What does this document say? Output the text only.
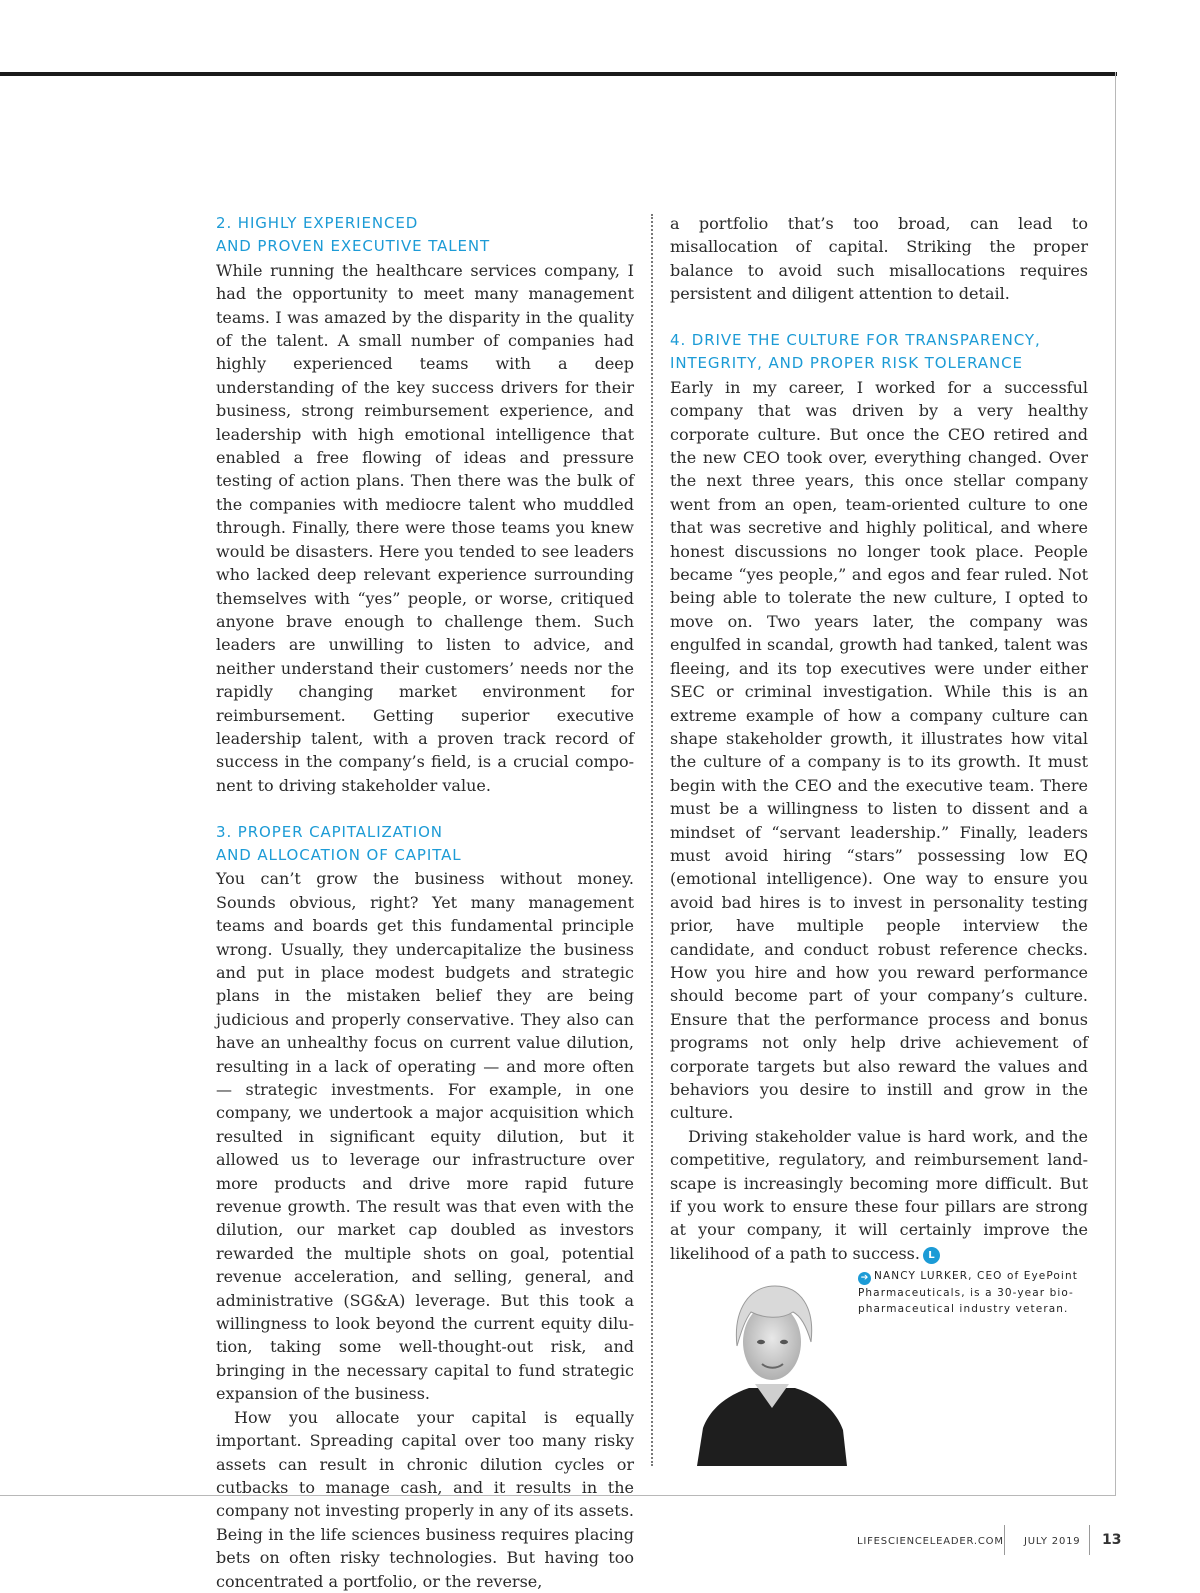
2. HIGHLY EXPERIENCED
AND PROVEN EXECUTIVE TALENT

While running the healthcare services company, I had the opportunity to meet many management teams. I was amazed by the disparity in the quality of the talent. A small number of companies had highly experienced teams with a deep understanding of the key success drivers for their business, strong reimbursement experience, and leadership with high emotional intelligence that enabled a free flowing of ideas and pressure testing of action plans. Then there was the bulk of the companies with mediocre talent who muddled through. Finally, there were those teams you knew would be disasters. Here you tended to see leaders who lacked deep relevant experience surrounding themselves with “yes” people, or worse, critiqued anyone brave enough to challenge them. Such leaders are unwilling to listen to advice, and neither understand their customers’ needs nor the rapidly changing market environment for reimbursement. Getting superior executive leadership talent, with a proven track record of success in the company’s field, is a crucial component to driving stakeholder value.

3. PROPER CAPITALIZATION
AND ALLOCATION OF CAPITAL

You can’t grow the business without money. Sounds obvious, right? Yet many management teams and boards get this fundamental principle wrong. Usually, they undercapitalize the business and put in place modest budgets and strategic plans in the mistaken belief they are being judicious and properly conservative. They also can have an unhealthy focus on current value dilution, resulting in a lack of operating — and more often — strategic investments. For example, in one company, we undertook a major acquisition which resulted in significant equity dilution, but it allowed us to leverage our infrastructure over more products and drive more rapid future revenue growth. The result was that even with the dilution, our market cap doubled as investors rewarded the multiple shots on goal, potential revenue acceleration, and selling, general, and administrative (SG&A) leverage. But this took a willingness to look beyond the current equity dilution, taking some well-thought-out risk, and bringing in the necessary capital to fund strategic expansion of the business.

How you allocate your capital is equally important. Spreading capital over too many risky assets can result in chronic dilution cycles or cutbacks to manage cash, and it results in the company not investing properly in any of its assets. Being in the life sciences business requires placing bets on often risky technologies. But having too concentrated a portfolio, or the reverse,

a portfolio that’s too broad, can lead to misallocation of capital. Striking the proper balance to avoid such misallocations requires persistent and diligent attention to detail.

4. DRIVE THE CULTURE FOR TRANSPARENCY,
INTEGRITY, AND PROPER RISK TOLERANCE

Early in my career, I worked for a successful company that was driven by a very healthy corporate culture. But once the CEO retired and the new CEO took over, everything changed. Over the next three years, this once stellar company went from an open, team-oriented culture to one that was secretive and highly political, and where honest discussions no longer took place. People became “yes people,” and egos and fear ruled. Not being able to tolerate the new culture, I opted to move on. Two years later, the company was engulfed in scandal, growth had tanked, talent was fleeing, and its top executives were under either SEC or criminal investigation. While this is an extreme example of how a company culture can shape stakeholder growth, it illustrates how vital the culture of a company is to its growth. It must begin with the CEO and the executive team. There must be a willingness to listen to dissent and a mindset of “servant leadership.” Finally, leaders must avoid hiring “stars” possessing low EQ (emotional intelligence). One way to ensure you avoid bad hires is to invest in personality testing prior, have multiple people interview the candidate, and conduct robust reference checks. How you hire and how you reward performance should become part of your company’s culture. Ensure that the performance process and bonus programs not only help drive achievement of corporate targets but also reward the values and behaviors you desire to instill and grow in the culture.

Driving stakeholder value is hard work, and the competitive, regulatory, and reimbursement landscape is increasingly becoming more difficult. But if you work to ensure these four pillars are strong at your company, it will certainly improve the likelihood of a path to success. L

➔ NANCY LURKER, CEO of EyePoint Pharmaceuticals, is a 30-year biopharmaceutical industry veteran.
LIFESCIENCELEADER.COM JULY 2019 13
